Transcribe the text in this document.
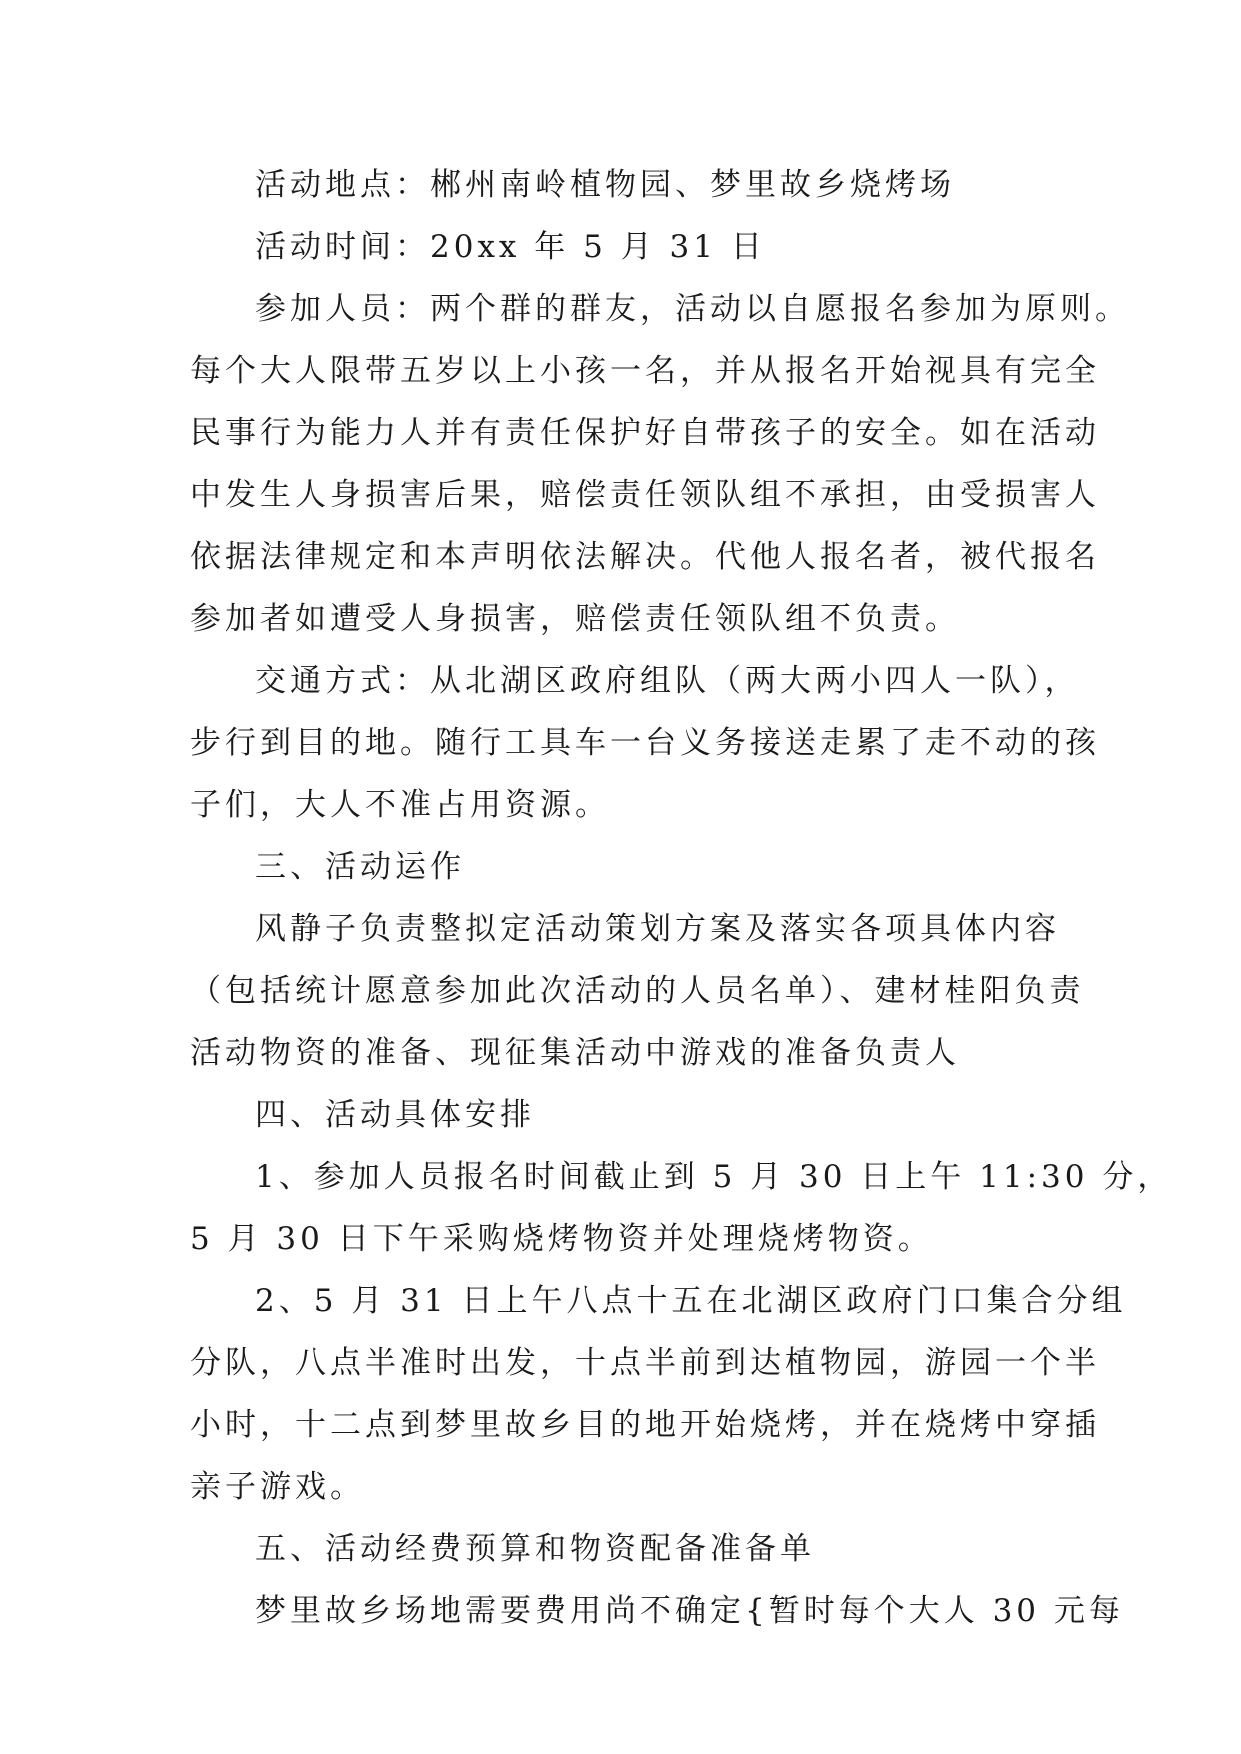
活动地点：郴州南岭植物园、梦里故乡烧烤场
活动时间：20xx 年 5 月 31 日
参加人员：两个群的群友，活动以自愿报名参加为原则。
每个大人限带五岁以上小孩一名，并从报名开始视具有完全
民事行为能力人并有责任保护好自带孩子的安全。如在活动
中发生人身损害后果，赔偿责任领队组不承担，由受损害人
依据法律规定和本声明依法解决。代他人报名者，被代报名
参加者如遭受人身损害，赔偿责任领队组不负责。
交通方式：从北湖区政府组队（两大两小四人一队），
步行到目的地。随行工具车一台义务接送走累了走不动的孩
子们，大人不准占用资源。
三、活动运作
风静子负责整拟定活动策划方案及落实各项具体内容
（包括统计愿意参加此次活动的人员名单）、建材桂阳负责
活动物资的准备、现征集活动中游戏的准备负责人
四、活动具体安排
1、参加人员报名时间截止到 5 月 30 日上午 11:30 分，
5 月 30 日下午采购烧烤物资并处理烧烤物资。
2、5 月 31 日上午八点十五在北湖区政府门口集合分组
分队，八点半准时出发，十点半前到达植物园，游园一个半
小时，十二点到梦里故乡目的地开始烧烤，并在烧烤中穿插
亲子游戏。
五、活动经费预算和物资配备准备单
梦里故乡场地需要费用尚不确定{暂时每个大人 30 元每
